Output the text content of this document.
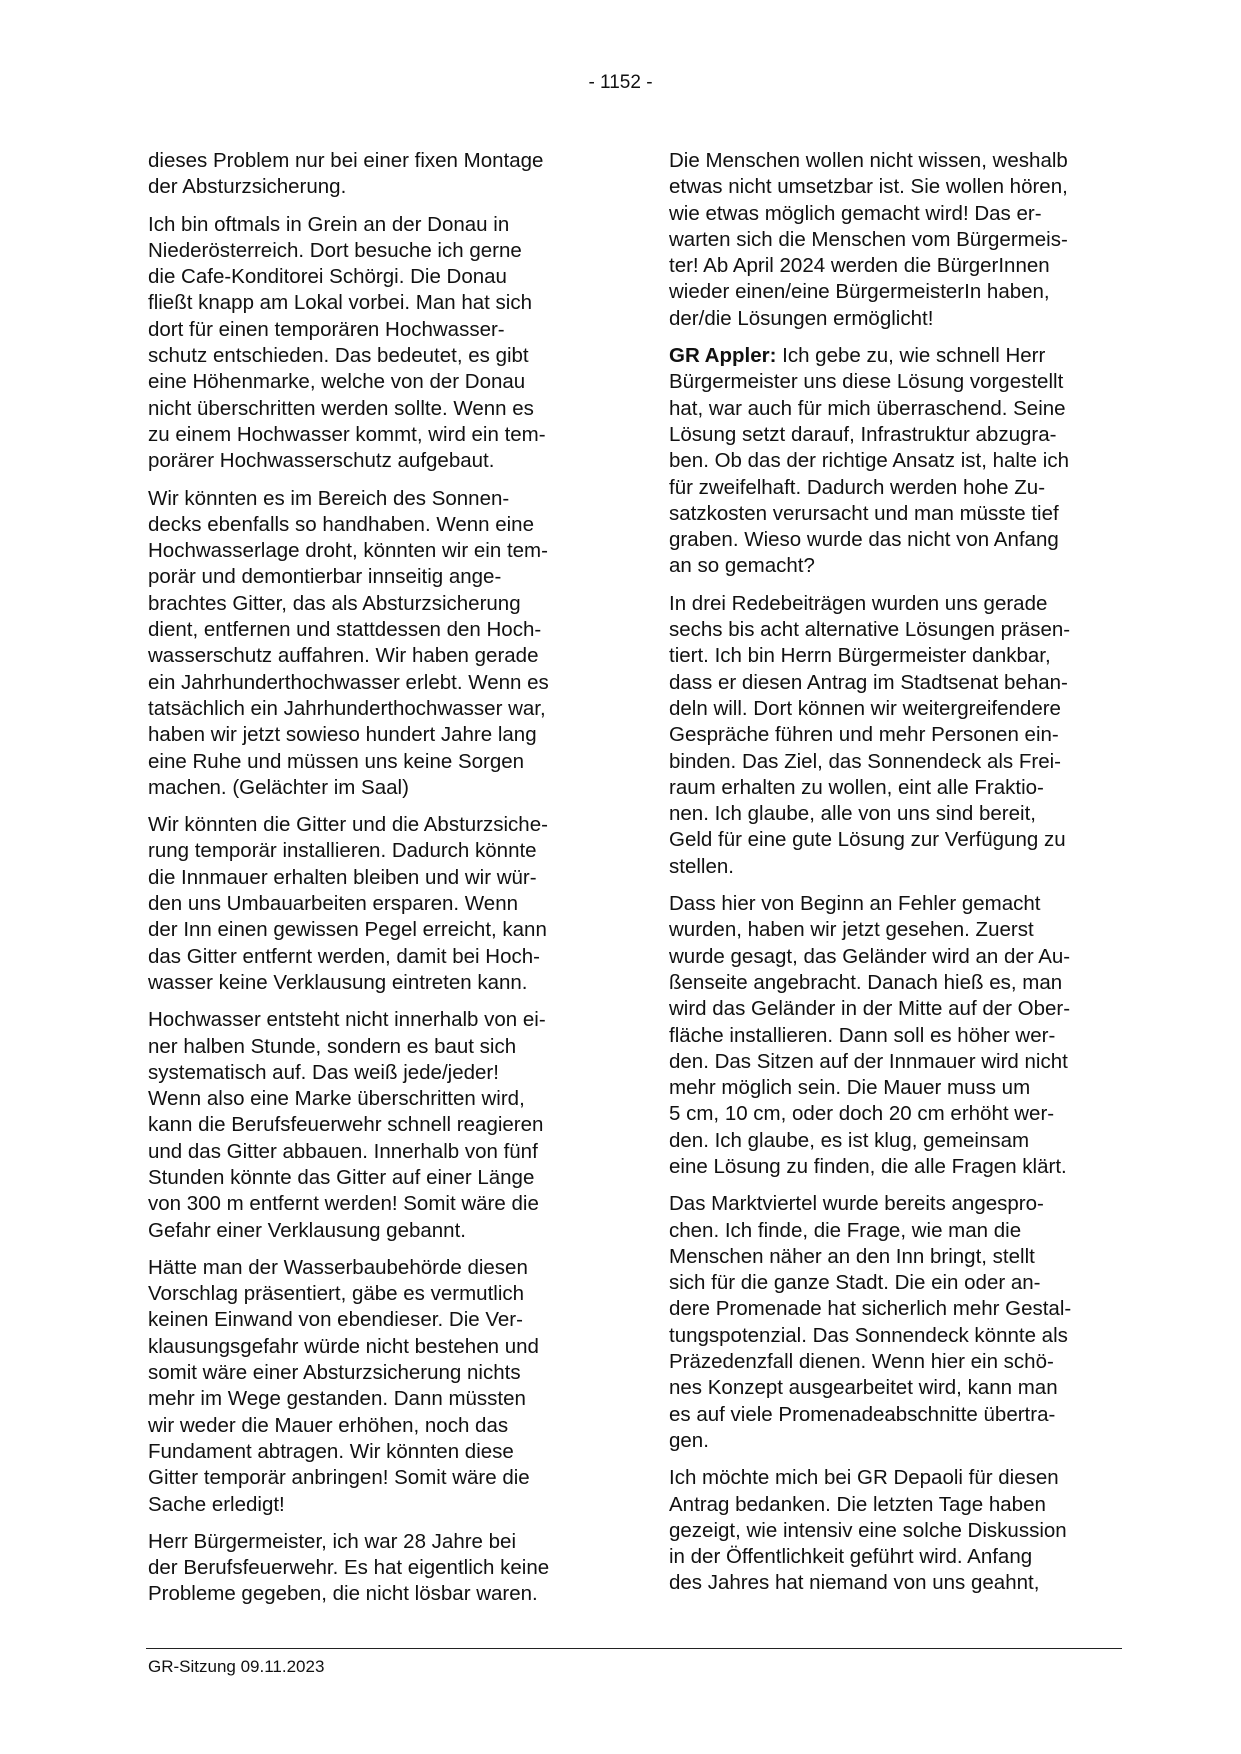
- 1152 -

dieses Problem nur bei einer fixen Montage
der Absturzsicherung.

Ich bin oftmals in Grein an der Donau in
Niederösterreich. Dort besuche ich gerne
die Cafe-Konditorei Schörgi. Die Donau
fließt knapp am Lokal vorbei. Man hat sich
dort für einen temporären Hochwasser-
schutz entschieden. Das bedeutet, es gibt
eine Höhenmarke, welche von der Donau
nicht überschritten werden sollte. Wenn es
zu einem Hochwasser kommt, wird ein tem-
porärer Hochwasserschutz aufgebaut.

Wir könnten es im Bereich des Sonnen-
decks ebenfalls so handhaben. Wenn eine
Hochwasserlage droht, könnten wir ein tem-
porär und demontierbar innseitig ange-
brachtes Gitter, das als Absturzsicherung
dient, entfernen und stattdessen den Hoch-
wasserschutz auffahren. Wir haben gerade
ein Jahrhunderthochwasser erlebt. Wenn es
tatsächlich ein Jahrhunderthochwasser war,
haben wir jetzt sowieso hundert Jahre lang
eine Ruhe und müssen uns keine Sorgen
machen. (Gelächter im Saal)

Wir könnten die Gitter und die Absturzsiche-
rung temporär installieren. Dadurch könnte
die Innmauer erhalten bleiben und wir wür-
den uns Umbauarbeiten ersparen. Wenn
der Inn einen gewissen Pegel erreicht, kann
das Gitter entfernt werden, damit bei Hoch-
wasser keine Verklausung eintreten kann.

Hochwasser entsteht nicht innerhalb von ei-
ner halben Stunde, sondern es baut sich
systematisch auf. Das weiß jede/jeder!
Wenn also eine Marke überschritten wird,
kann die Berufsfeuerwehr schnell reagieren
und das Gitter abbauen. Innerhalb von fünf
Stunden könnte das Gitter auf einer Länge
von 300 m entfernt werden! Somit wäre die
Gefahr einer Verklausung gebannt.

Hätte man der Wasserbaubehörde diesen
Vorschlag präsentiert, gäbe es vermutlich
keinen Einwand von ebendieser. Die Ver-
klausungsgefahr würde nicht bestehen und
somit wäre einer Absturzsicherung nichts
mehr im Wege gestanden. Dann müssten
wir weder die Mauer erhöhen, noch das
Fundament abtragen. Wir könnten diese
Gitter temporär anbringen! Somit wäre die
Sache erledigt!

Herr Bürgermeister, ich war 28 Jahre bei
der Berufsfeuerwehr. Es hat eigentlich keine
Probleme gegeben, die nicht lösbar waren.

Die Menschen wollen nicht wissen, weshalb
etwas nicht umsetzbar ist. Sie wollen hören,
wie etwas möglich gemacht wird! Das er-
warten sich die Menschen vom Bürgermeis-
ter! Ab April 2024 werden die BürgerInnen
wieder einen/eine BürgermeisterIn haben,
der/die Lösungen ermöglicht!

GR Appler: Ich gebe zu, wie schnell Herr
Bürgermeister uns diese Lösung vorgestellt
hat, war auch für mich überraschend. Seine
Lösung setzt darauf, Infrastruktur abzugra-
ben. Ob das der richtige Ansatz ist, halte ich
für zweifelhaft. Dadurch werden hohe Zu-
satzkosten verursacht und man müsste tief
graben. Wieso wurde das nicht von Anfang
an so gemacht?

In drei Redebeiträgen wurden uns gerade
sechs bis acht alternative Lösungen präsen-
tiert. Ich bin Herrn Bürgermeister dankbar,
dass er diesen Antrag im Stadtsenat behan-
deln will. Dort können wir weitergreifendere
Gespräche führen und mehr Personen ein-
binden. Das Ziel, das Sonnendeck als Frei-
raum erhalten zu wollen, eint alle Fraktio-
nen. Ich glaube, alle von uns sind bereit,
Geld für eine gute Lösung zur Verfügung zu
stellen.

Dass hier von Beginn an Fehler gemacht
wurden, haben wir jetzt gesehen. Zuerst
wurde gesagt, das Geländer wird an der Au-
ßenseite angebracht. Danach hieß es, man
wird das Geländer in der Mitte auf der Ober-
fläche installieren. Dann soll es höher wer-
den. Das Sitzen auf der Innmauer wird nicht
mehr möglich sein. Die Mauer muss um
5 cm, 10 cm, oder doch 20 cm erhöht wer-
den. Ich glaube, es ist klug, gemeinsam
eine Lösung zu finden, die alle Fragen klärt.

Das Marktviertel wurde bereits angespro-
chen. Ich finde, die Frage, wie man die
Menschen näher an den Inn bringt, stellt
sich für die ganze Stadt. Die ein oder an-
dere Promenade hat sicherlich mehr Gestal-
tungspotenzial. Das Sonnendeck könnte als
Präzedenzfall dienen. Wenn hier ein schö-
nes Konzept ausgearbeitet wird, kann man
es auf viele Promenadeabschnitte übertra-
gen.

Ich möchte mich bei GR Depaoli für diesen
Antrag bedanken. Die letzten Tage haben
gezeigt, wie intensiv eine solche Diskussion
in der Öffentlichkeit geführt wird. Anfang
des Jahres hat niemand von uns geahnt,

GR-Sitzung 09.11.2023
